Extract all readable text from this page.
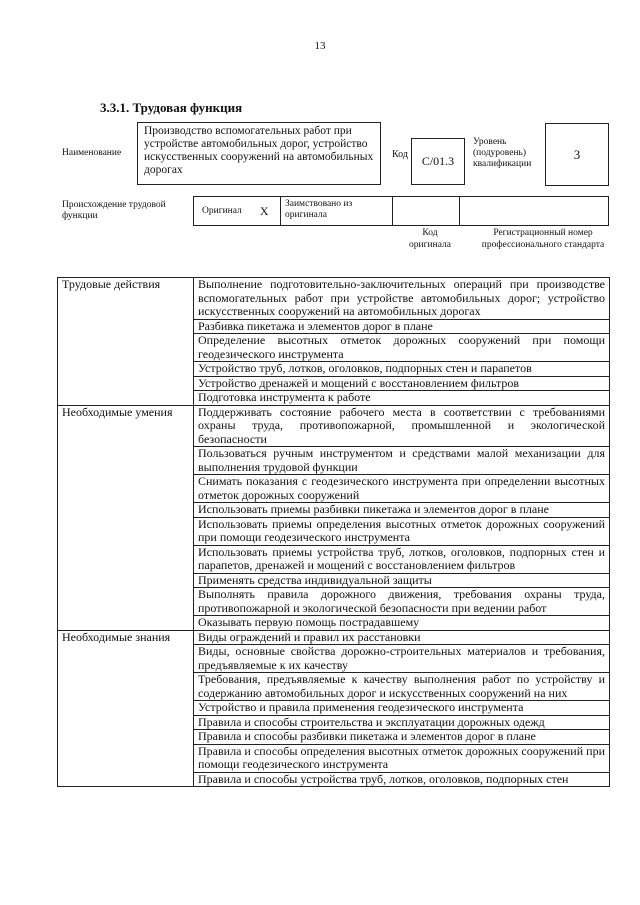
13
3.3.1. Трудовая функция
Наименование
Производство вспомогательных работ при устройстве автомобильных дорог, устройство искусственных сооружений на автомобильных дорогах
Код	С/01.3
Уровень (подуровень) квалификации
3
Происхождение трудовой функции	Оригинал X	Заимствовано из оригинала
Код оригинала
Регистрационный номер профессионального стандарта
Трудовые действия	Выполнение подготовительно-заключительных операций при производстве вспомогательных работ при устройстве автомобильных дорог; устройство искусственных сооружений на автомобильных дорогах
	Разбивка пикетажа и элементов дорог в плане
	Определение высотных отметок дорожных сооружений при помощи геодезического инструмента
	Устройство труб, лотков, оголовков, подпорных стен и парапетов
	Устройство дренажей и мощений с восстановлением фильтров
	Подготовка инструмента к работе
Необходимые умения	Поддерживать состояние рабочего места в соответствии с требованиями охраны труда, противопожарной, промышленной и экологической безопасности
	Пользоваться ручным инструментом и средствами малой механизации для выполнения трудовой функции
	Снимать показания с геодезического инструмента при определении высотных отметок дорожных сооружений
	Использовать приемы разбивки пикетажа и элементов дорог в плане
	Использовать приемы определения высотных отметок дорожных сооружений при помощи геодезического инструмента
	Использовать приемы устройства труб, лотков, оголовков, подпорных стен и парапетов, дренажей и мощений с восстановлением фильтров
	Применять средства индивидуальной защиты
	Выполнять правила дорожного движения, требования охраны труда, противопожарной и экологической безопасности при ведении работ
	Оказывать первую помощь пострадавшему
Необходимые знания	Виды ограждений и правил их расстановки
	Виды, основные свойства дорожно-строительных материалов и требования, предъявляемые к их качеству
	Требования, предъявляемые к качеству выполнения работ по устройству и содержанию автомобильных дорог и искусственных сооружений на них
	Устройство и правила применения геодезического инструмента
	Правила и способы строительства и эксплуатации дорожных одежд
	Правила и способы разбивки пикетажа и элементов дорог в плане
	Правила и способы определения высотных отметок дорожных сооружений при помощи геодезического инструмента
	Правила и способы устройства труб, лотков, оголовков, подпорных стен
